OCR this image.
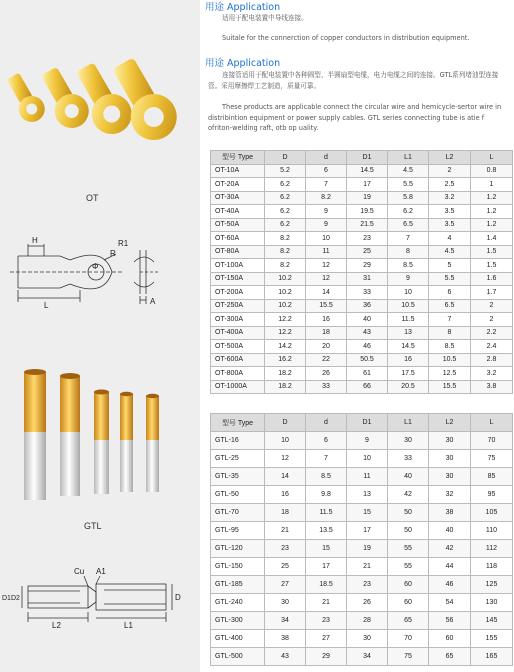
OT
H	R1
R
Φ
L	A
GTL
Cu A1
D1D2	D
L2	L1
用途 Application
适用于配电装置中导线连接。
Suitale for the connerction of copper conductors in distribution equipment.
用途 Application
连接管适用于配电装置中各种圆型、半圆扇型电缆，电力电缆之间的连接。GTL系列堵油型连接管。采用摩擦焊工艺制造，质量可靠。
These products are applicable connect the circular wire and hemicycle-sertor wire in distribintion equipment or power supply cables. GTL series connecting tube is atie f ofriton-welding raft, otb op uality.
型号 Type	D	d	D1	L1	L2	L
OT-10A	5.2	6	14.5	4.5	2	0.8
OT-20A	6.2	7	17	5.5	2.5	1
OT-30A	6.2	8.2	19	5.8	3.2	1.2
OT-40A	6.2	9	19.5	6.2	3.5	1.2
OT-50A	6.2	9	21.5	6.5	3.5	1.2
OT-60A	8.2	10	23	7	4	1.4
OT-80A	8.2	11	25	8	4.5	1.5
OT-100A	8.2	12	29	8.5	5	1.5
OT-150A	10.2	12	31	9	5.5	1.6
OT-200A	10.2	14	33	10	6	1.7
OT-250A	10.2	15.5	36	10.5	6.5	2
OT-300A	12.2	16	40	11.5	7	2
OT-400A	12.2	18	43	13	8	2.2
OT-500A	14.2	20	46	14.5	8.5	2.4
OT-600A	16.2	22	50.5	16	10.5	2.8
OT-800A	18.2	26	61	17.5	12.5	3.2
OT-1000A	18.2	33	66	20.5	15.5	3.8
型号 Type	D	d	D1	L1	L2	L
GTL-16	10	6	9	30	30	70
GTL-25	12	7	10	33	30	75
GTL-35	14	8.5	11	40	30	85
GTL-50	16	9.8	13	42	32	95
GTL-70	18	11.5	15	50	38	105
GTL-95	21	13.5	17	50	40	110
GTL-120	23	15	19	55	42	112
GTL-150	25	17	21	55	44	118
GTL-185	27	18.5	23	60	46	125
GTL-240	30	21	26	60	54	130
GTL-300	34	23	28	65	56	145
GTL-400	38	27	30	70	60	155
GTL-500	43	29	34	75	65	165
